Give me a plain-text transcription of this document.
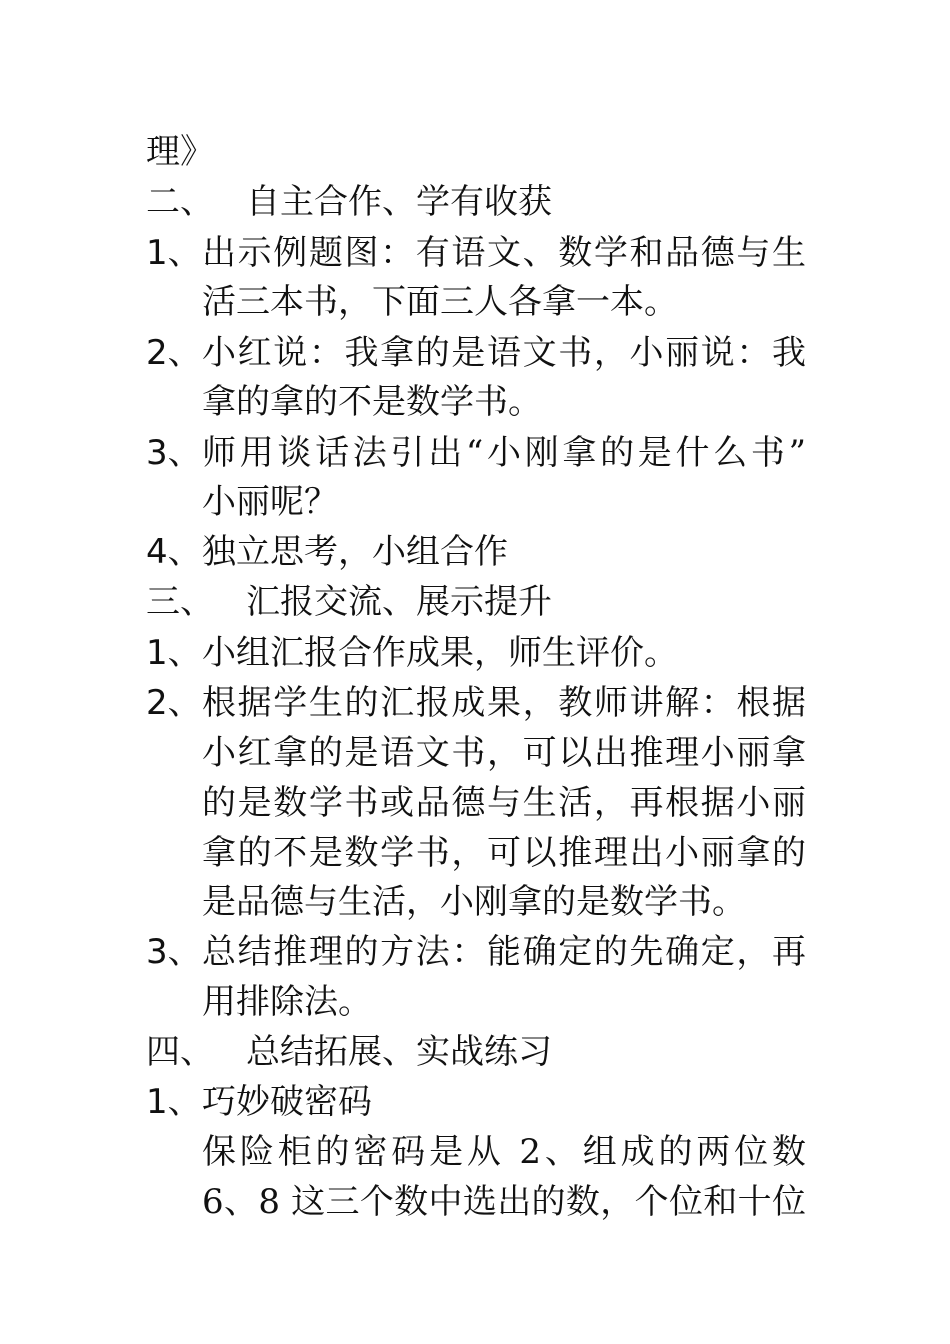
理》
二、 自主合作、学有收获
1、 出示例题图：有语文、数学和品德与生
活三本书，下面三人各拿一本。
2、 小红说：我拿的是语文书，小丽说：我
拿的拿的不是数学书。
3、 师用谈话法引出“小刚拿的是什么书”
小丽呢？
4、 独立思考，小组合作
三、 汇报交流、展示提升
1、 小组汇报合作成果，师生评价。
2、 根据学生的汇报成果，教师讲解：根据
小红拿的是语文书，可以出推理小丽拿
的是数学书或品德与生活，再根据小丽
拿的不是数学书，可以推理出小丽拿的
是品德与生活，小刚拿的是数学书。
3、 总结推理的方法：能确定的先确定，再
用排除法。
四、 总结拓展、实战练习
1、 巧妙破密码
保险柜的密码是从 2、组成的两位数
6、8 这三个数中选出的数，个位和十位
